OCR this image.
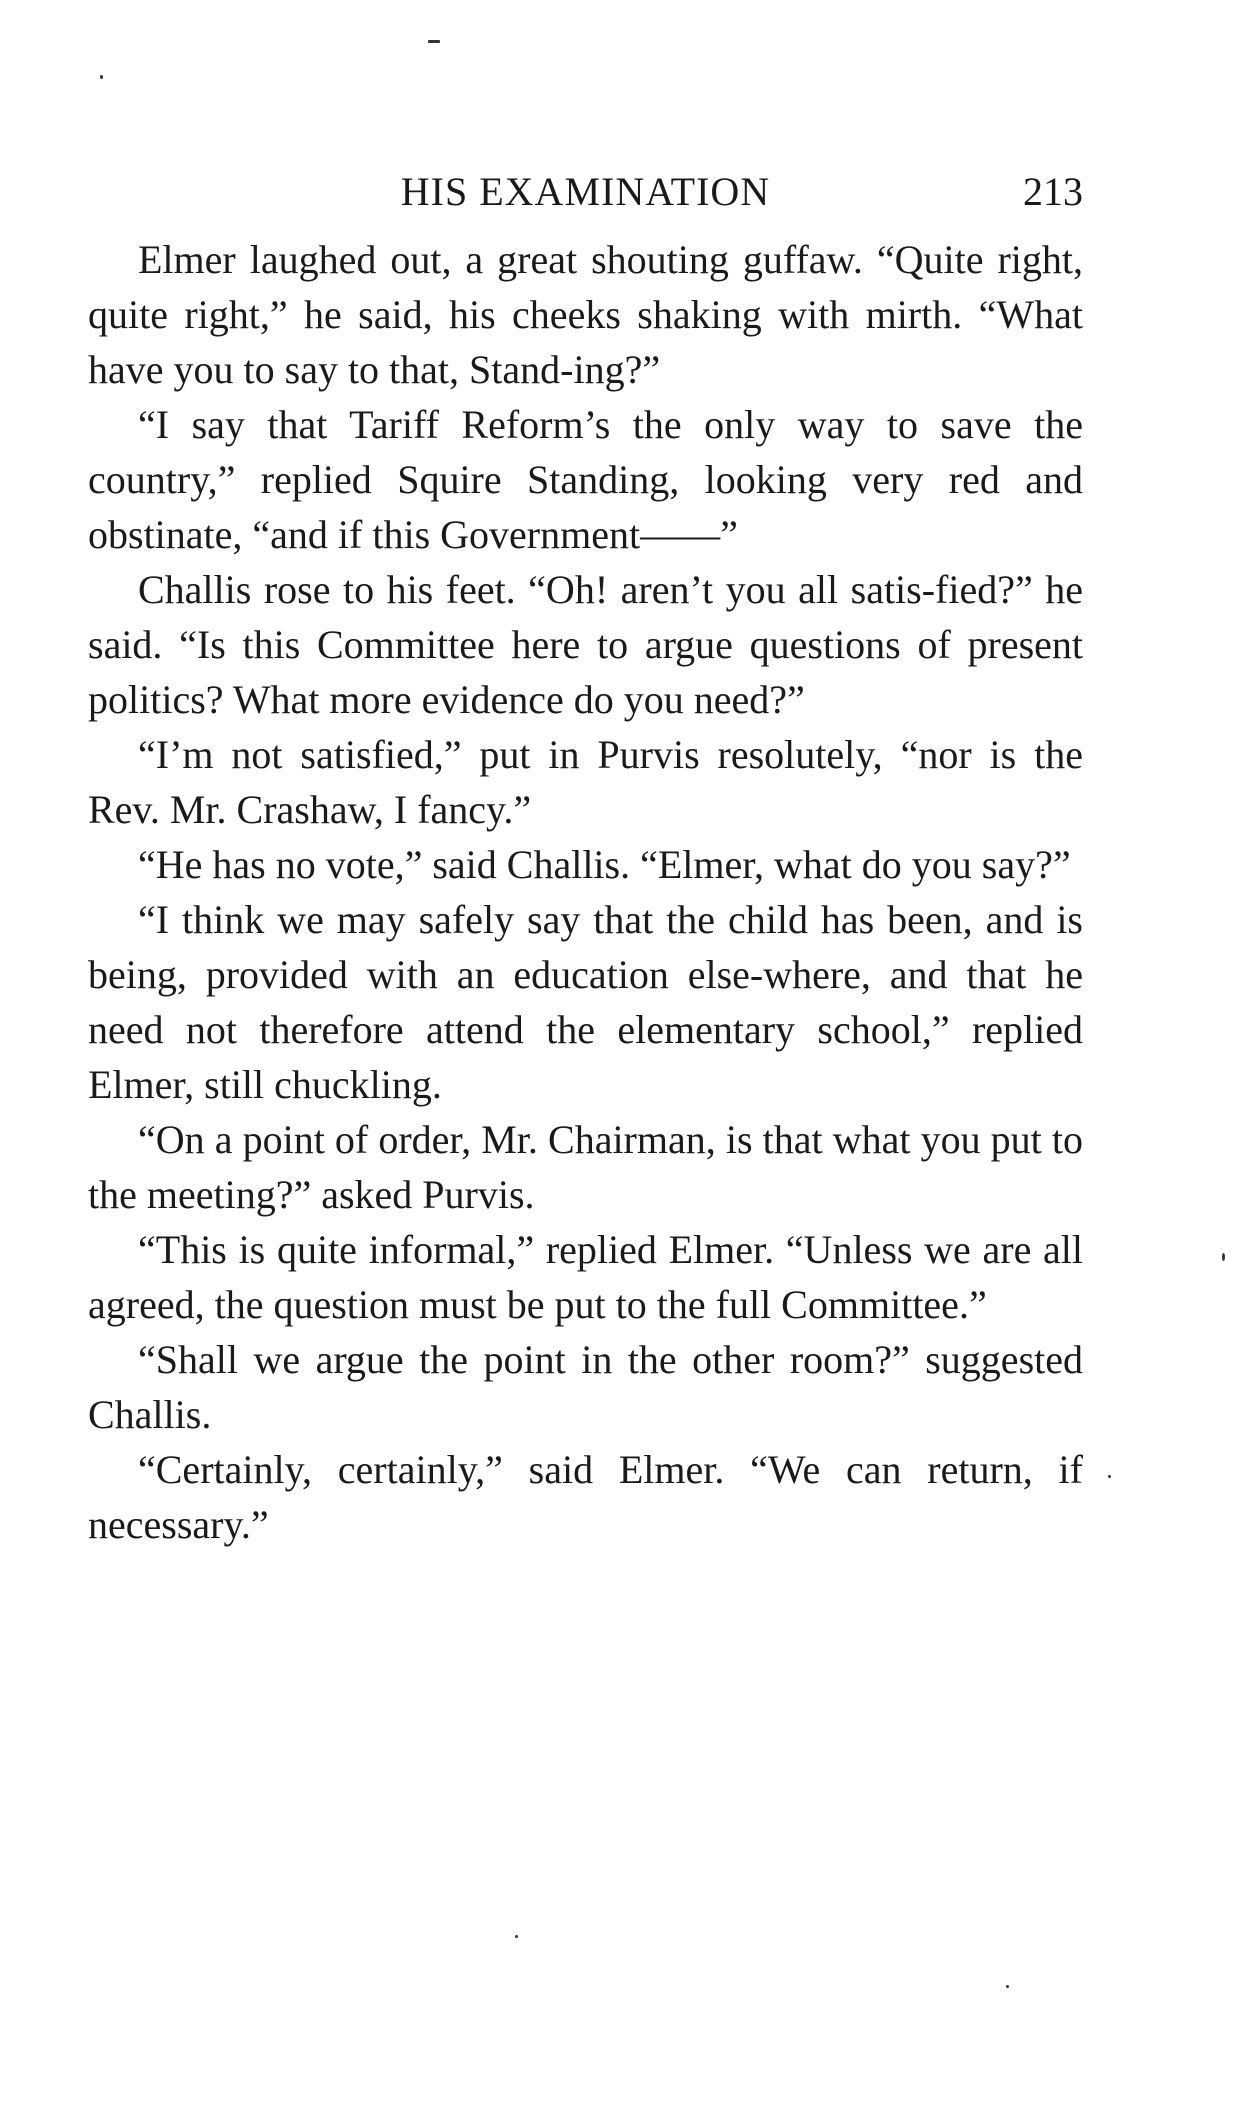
HIS EXAMINATION	213

Elmer laughed out, a great shouting guffaw. “Quite right, quite right,” he said, his cheeks shaking with mirth. “What have you to say to that, Stand-ing?”

“I say that Tariff Reform’s the only way to save the country,” replied Squire Standing, looking very red and obstinate, “and if this Government——”

Challis rose to his feet. “Oh! aren’t you all satis-fied?” he said. “Is this Committee here to argue questions of present politics? What more evidence do you need?”

“I’m not satisfied,” put in Purvis resolutely, “nor is the Rev. Mr. Crashaw, I fancy.”

“He has no vote,” said Challis. “Elmer, what do you say?”

“I think we may safely say that the child has been, and is being, provided with an education else-where, and that he need not therefore attend the elementary school,” replied Elmer, still chuckling.

“On a point of order, Mr. Chairman, is that what you put to the meeting?” asked Purvis.

“This is quite informal,” replied Elmer. “Unless we are all agreed, the question must be put to the full Committee.”

“Shall we argue the point in the other room?” suggested Challis.

“Certainly, certainly,” said Elmer. “We can return, if necessary.”
